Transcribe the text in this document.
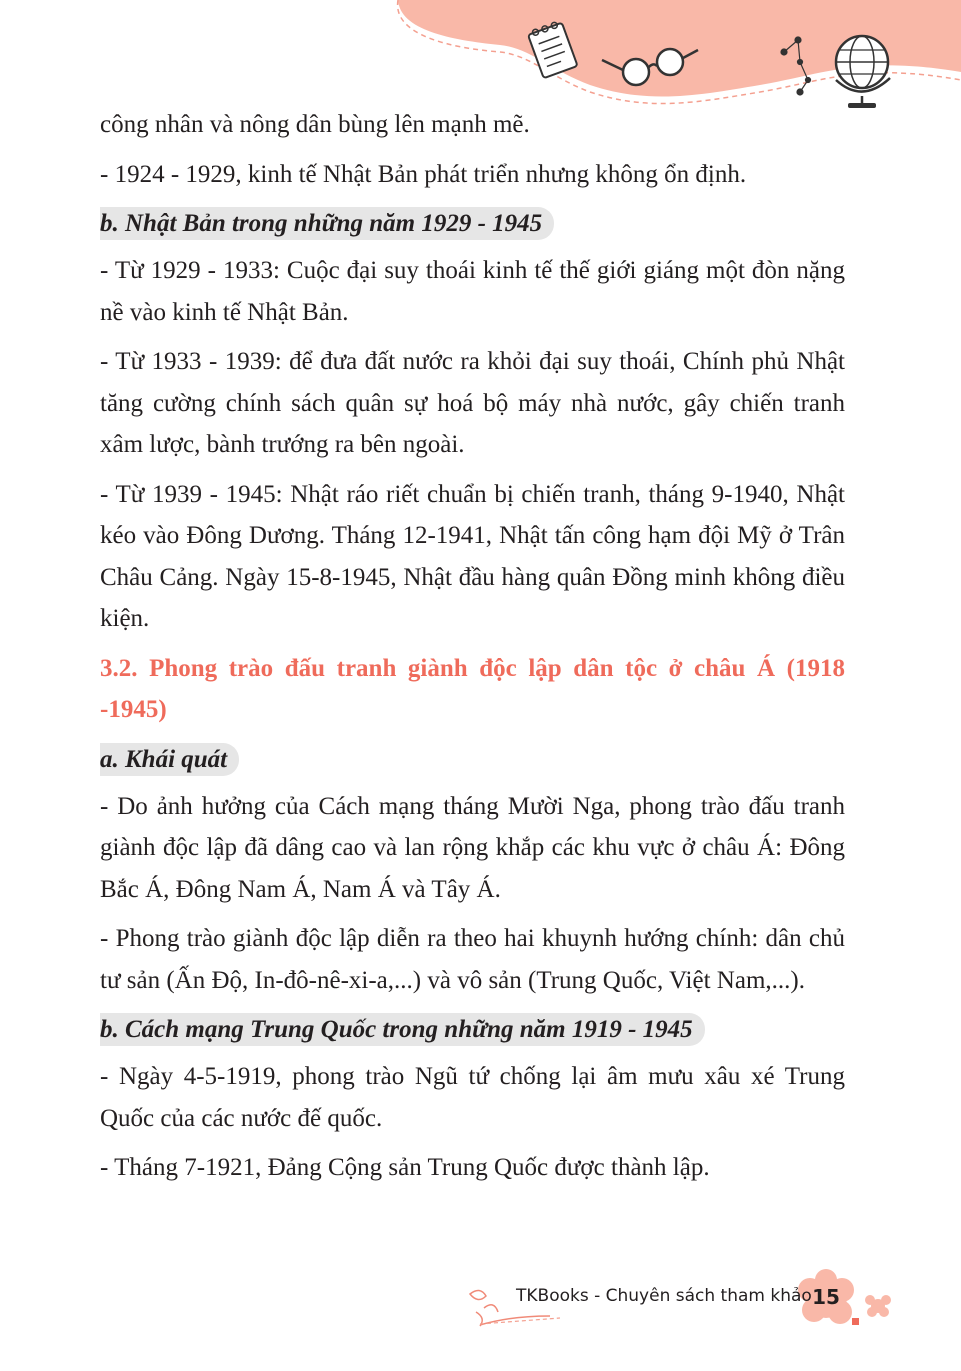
công nhân và nông dân bùng lên mạnh mẽ.

- 1924 - 1929, kinh tế Nhật Bản phát triển nhưng không ổn định.

b. Nhật Bản trong những năm 1929 - 1945

- Từ 1929 - 1933: Cuộc đại suy thoái kinh tế thế giới giáng một đòn nặng nề vào kinh tế Nhật Bản.

- Từ 1933 - 1939: để đưa đất nước ra khỏi đại suy thoái, Chính phủ Nhật tăng cường chính sách quân sự hoá bộ máy nhà nước, gây chiến tranh xâm lược, bành trướng ra bên ngoài.

- Từ 1939 - 1945: Nhật ráo riết chuẩn bị chiến tranh, tháng 9-1940, Nhật kéo vào Đông Dương. Tháng 12-1941, Nhật tấn công hạm đội Mỹ ở Trân Châu Cảng. Ngày 15-8-1945, Nhật đầu hàng quân Đồng minh không điều kiện.

3.2. Phong trào đấu tranh giành độc lập dân tộc ở châu Á (1918 -1945)

a. Khái quát

- Do ảnh hưởng của Cách mạng tháng Mười Nga, phong trào đấu tranh giành độc lập đã dâng cao và lan rộng khắp các khu vực ở châu Á: Đông Bắc Á, Đông Nam Á, Nam Á và Tây Á.

- Phong trào giành độc lập diễn ra theo hai khuynh hướng chính: dân chủ tư sản (Ấn Độ, In-đô-nê-xi-a,...) và vô sản (Trung Quốc, Việt Nam,...).

b. Cách mạng Trung Quốc trong những năm 1919 - 1945

- Ngày 4-5-1919, phong trào Ngũ tứ chống lại âm mưu xâu xé Trung Quốc của các nước đế quốc.

- Tháng 7-1921, Đảng Cộng sản Trung Quốc được thành lập.

TKBooks - Chuyên sách tham khảo 15
